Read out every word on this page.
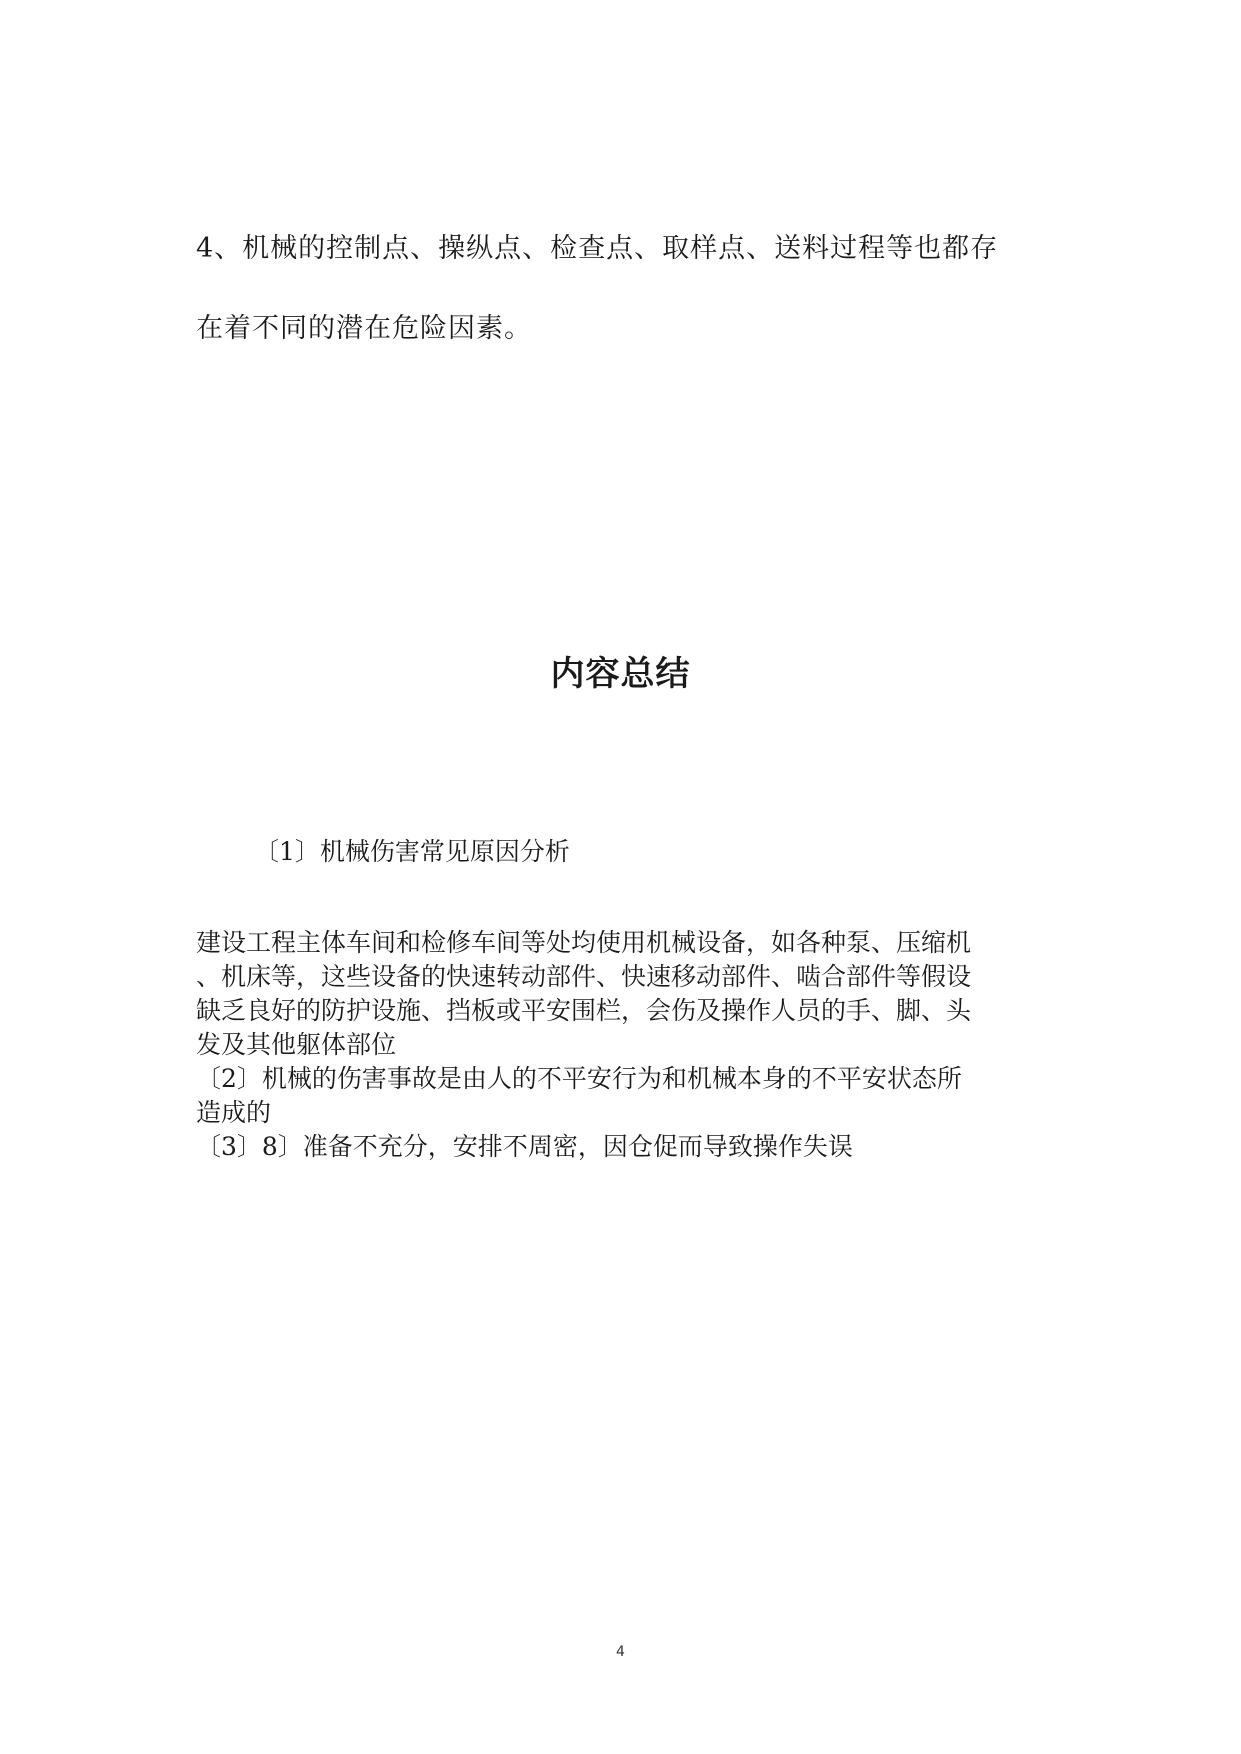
4、机械的控制点、操纵点、检查点、取样点、送料过程等也都存
在着不同的潜在危险因素。
内容总结
〔1〕机械伤害常见原因分析
建设工程主体车间和检修车间等处均使用机械设备，如各种泵、压缩机
、机床等，这些设备的快速转动部件、快速移动部件、啮合部件等假设
缺乏良好的防护设施、挡板或平安围栏，会伤及操作人员的手、脚、头
发及其他躯体部位
〔2〕机械的伤害事故是由人的不平安行为和机械本身的不平安状态所
造成的
〔3〕8〕准备不充分，安排不周密，因仓促而导致操作失误
4
